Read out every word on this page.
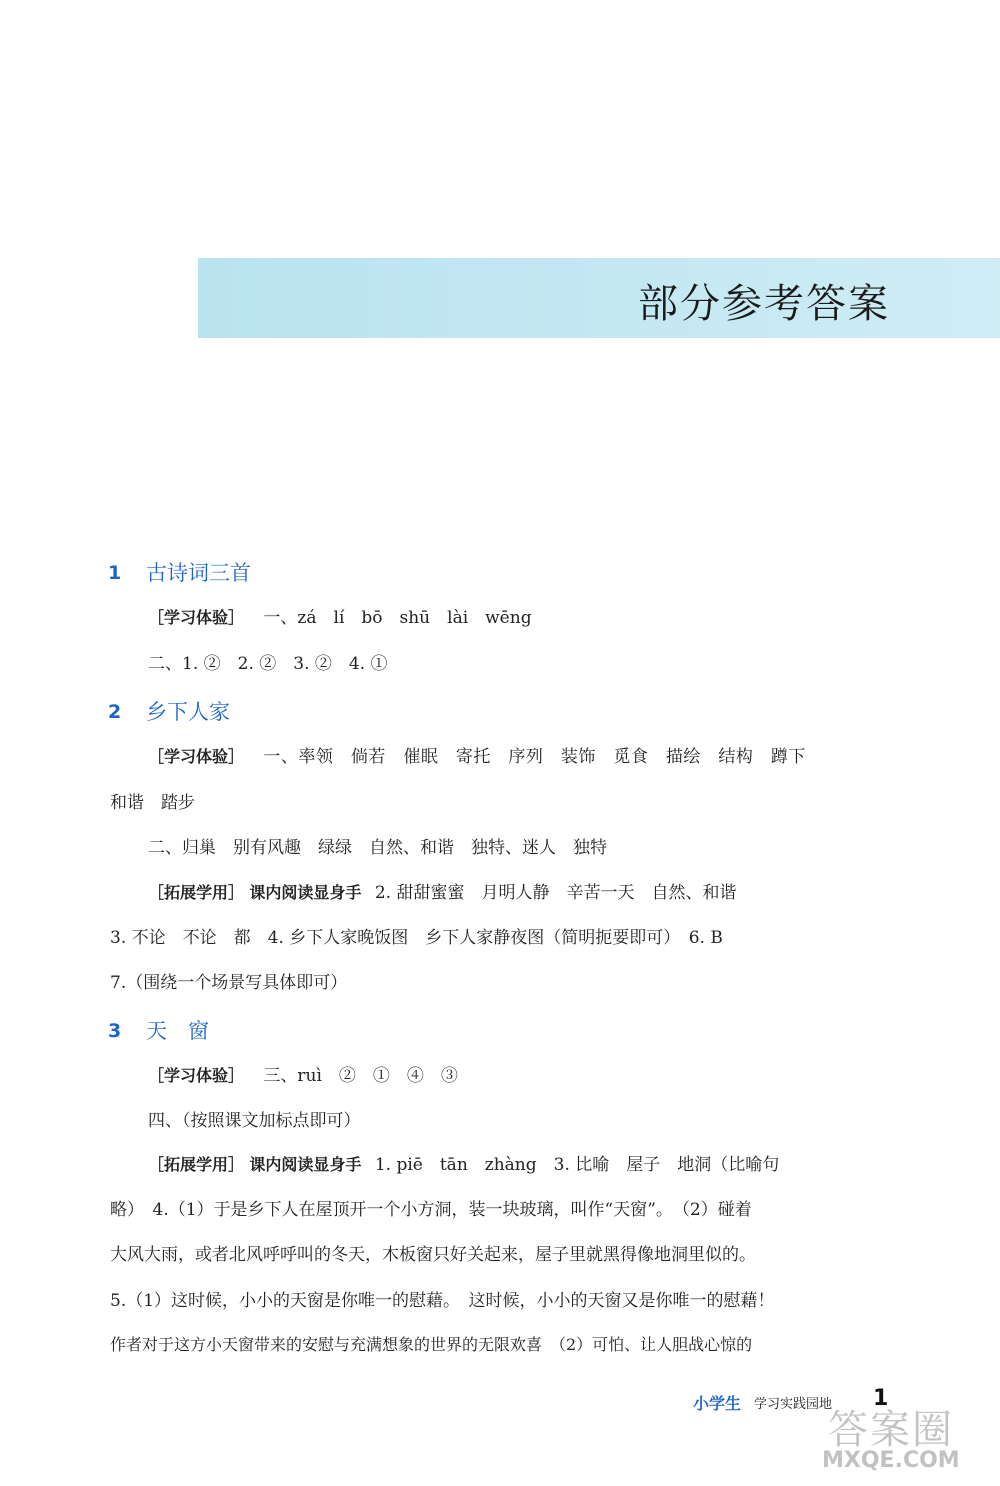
部分参考答案
1 古诗词三首
［学习体验］ 一、zá　lí　bō　shū　lài　wēng
二、1. ②　2. ②　3. ②　4. ①
2 乡下人家
［学习体验］ 一、率领　倘若　催眠　寄托　序列　装饰　觅食　描绘　结构　蹲下
和谐　踏步
二、归巢　别有风趣　绿绿　自然、和谐　独特、迷人　独特
［拓展学用］ 课内阅读显身手 2. 甜甜蜜蜜　月明人静　辛苦一天　自然、和谐
3. 不论　不论　都　4. 乡下人家晚饭图　乡下人家静夜图（简明扼要即可）　6. B
7.（围绕一个场景写具体即可）
3 天　窗
［学习体验］ 三、ruì　②　①　④　③
四、（按照课文加标点即可）
［拓展学用］ 课内阅读显身手 1. piē　tān　zhàng　3. 比喻　屋子　地洞（比喻句
略）　4.（1）于是乡下人在屋顶开一个小方洞，装一块玻璃，叫作“天窗”。　（2）碰着
大风大雨，或者北风呼呼叫的冬天，木板窗只好关起来，屋子里就黑得像地洞里似的。
5.（1）这时候，小小的天窗是你唯一的慰藉。　这时候，小小的天窗又是你唯一的慰藉！
作者对于这方小天窗带来的安慰与充满想象的世界的无限欢喜　（2）可怕、让人胆战心惊的
小学生 学习实践园地 1
答案圈
MXQE.COM
